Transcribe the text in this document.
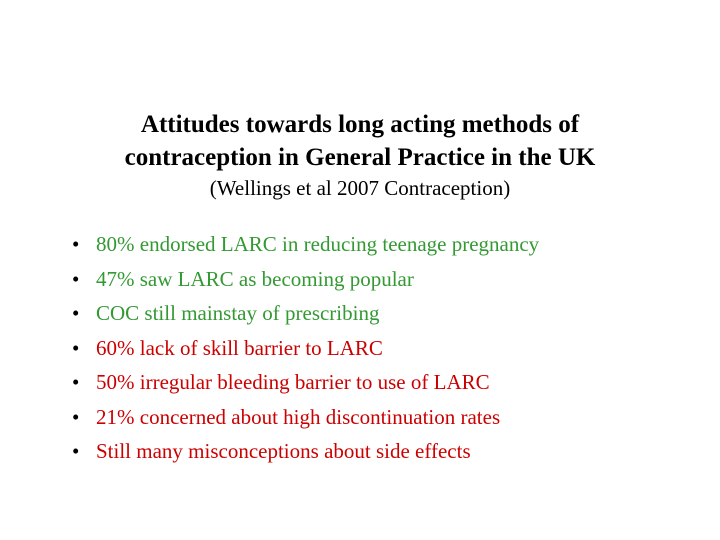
Attitudes towards long acting methods of
contraception in General Practice in the UK

(Wellings et al 2007 Contraception)

• 80% endorsed LARC in reducing teenage pregnancy
• 47% saw LARC as becoming popular
• COC still mainstay of prescribing
• 60% lack of skill barrier to LARC
• 50% irregular bleeding barrier to use of LARC
• 21% concerned about high discontinuation rates
• Still many misconceptions about side effects
